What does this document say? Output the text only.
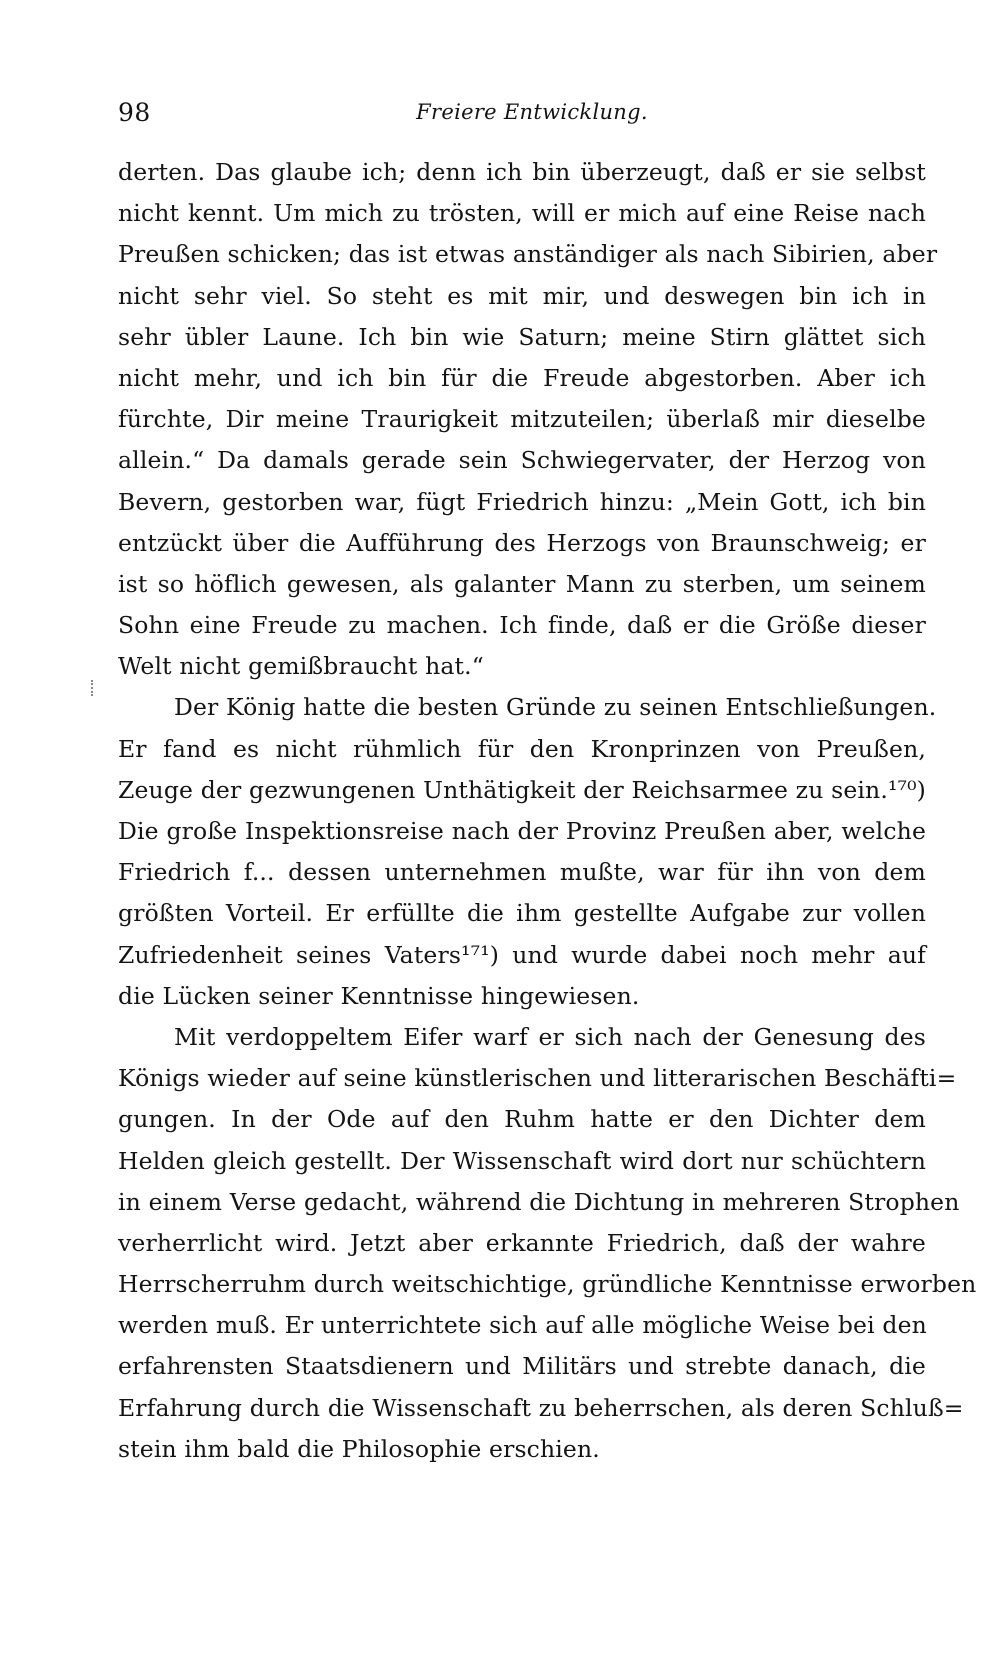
98	Freiere Entwicklung.
derten. Das glaube ich; denn ich bin überzeugt, daß er sie selbst
nicht kennt. Um mich zu trösten, will er mich auf eine Reise nach
Preußen schicken; das ist etwas anständiger als nach Sibirien, aber
nicht sehr viel. So steht es mit mir, und deswegen bin ich in
sehr übler Laune. Ich bin wie Saturn; meine Stirn glättet sich
nicht mehr, und ich bin für die Freude abgestorben. Aber ich
fürchte, Dir meine Traurigkeit mitzuteilen; überlaß mir dieselbe
allein.“ Da damals gerade sein Schwiegervater, der Herzog von
Bevern, gestorben war, fügt Friedrich hinzu: „Mein Gott, ich bin
entzückt über die Aufführung des Herzogs von Braunschweig; er
ist so höflich gewesen, als galanter Mann zu sterben, um seinem
Sohn eine Freude zu machen. Ich finde, daß er die Größe dieser
Welt nicht gemißbraucht hat.“
Der König hatte die besten Gründe zu seinen Entschließungen.
Er fand es nicht rühmlich für den Kronprinzen von Preußen,
Zeuge der gezwungenen Unthätigkeit der Reichsarmee zu sein.¹⁷⁰)
Die große Inspektionsreise nach der Provinz Preußen aber, welche
Friedrich f... dessen unternehmen mußte, war für ihn von dem
größten Vorteil. Er erfüllte die ihm gestellte Aufgabe zur vollen
Zufriedenheit seines Vaters¹⁷¹) und wurde dabei noch mehr auf
die Lücken seiner Kenntnisse hingewiesen.
Mit verdoppeltem Eifer warf er sich nach der Genesung des
Königs wieder auf seine künstlerischen und litterarischen Beschäfti=
gungen. In der Ode auf den Ruhm hatte er den Dichter dem
Helden gleich gestellt. Der Wissenschaft wird dort nur schüchtern
in einem Verse gedacht, während die Dichtung in mehreren Strophen
verherrlicht wird. Jetzt aber erkannte Friedrich, daß der wahre
Herrscherruhm durch weitschichtige, gründliche Kenntnisse erworben
werden muß. Er unterrichtete sich auf alle mögliche Weise bei den
erfahrensten Staatsdienern und Militärs und strebte danach, die
Erfahrung durch die Wissenschaft zu beherrschen, als deren Schluß=
stein ihm bald die Philosophie erschien.
